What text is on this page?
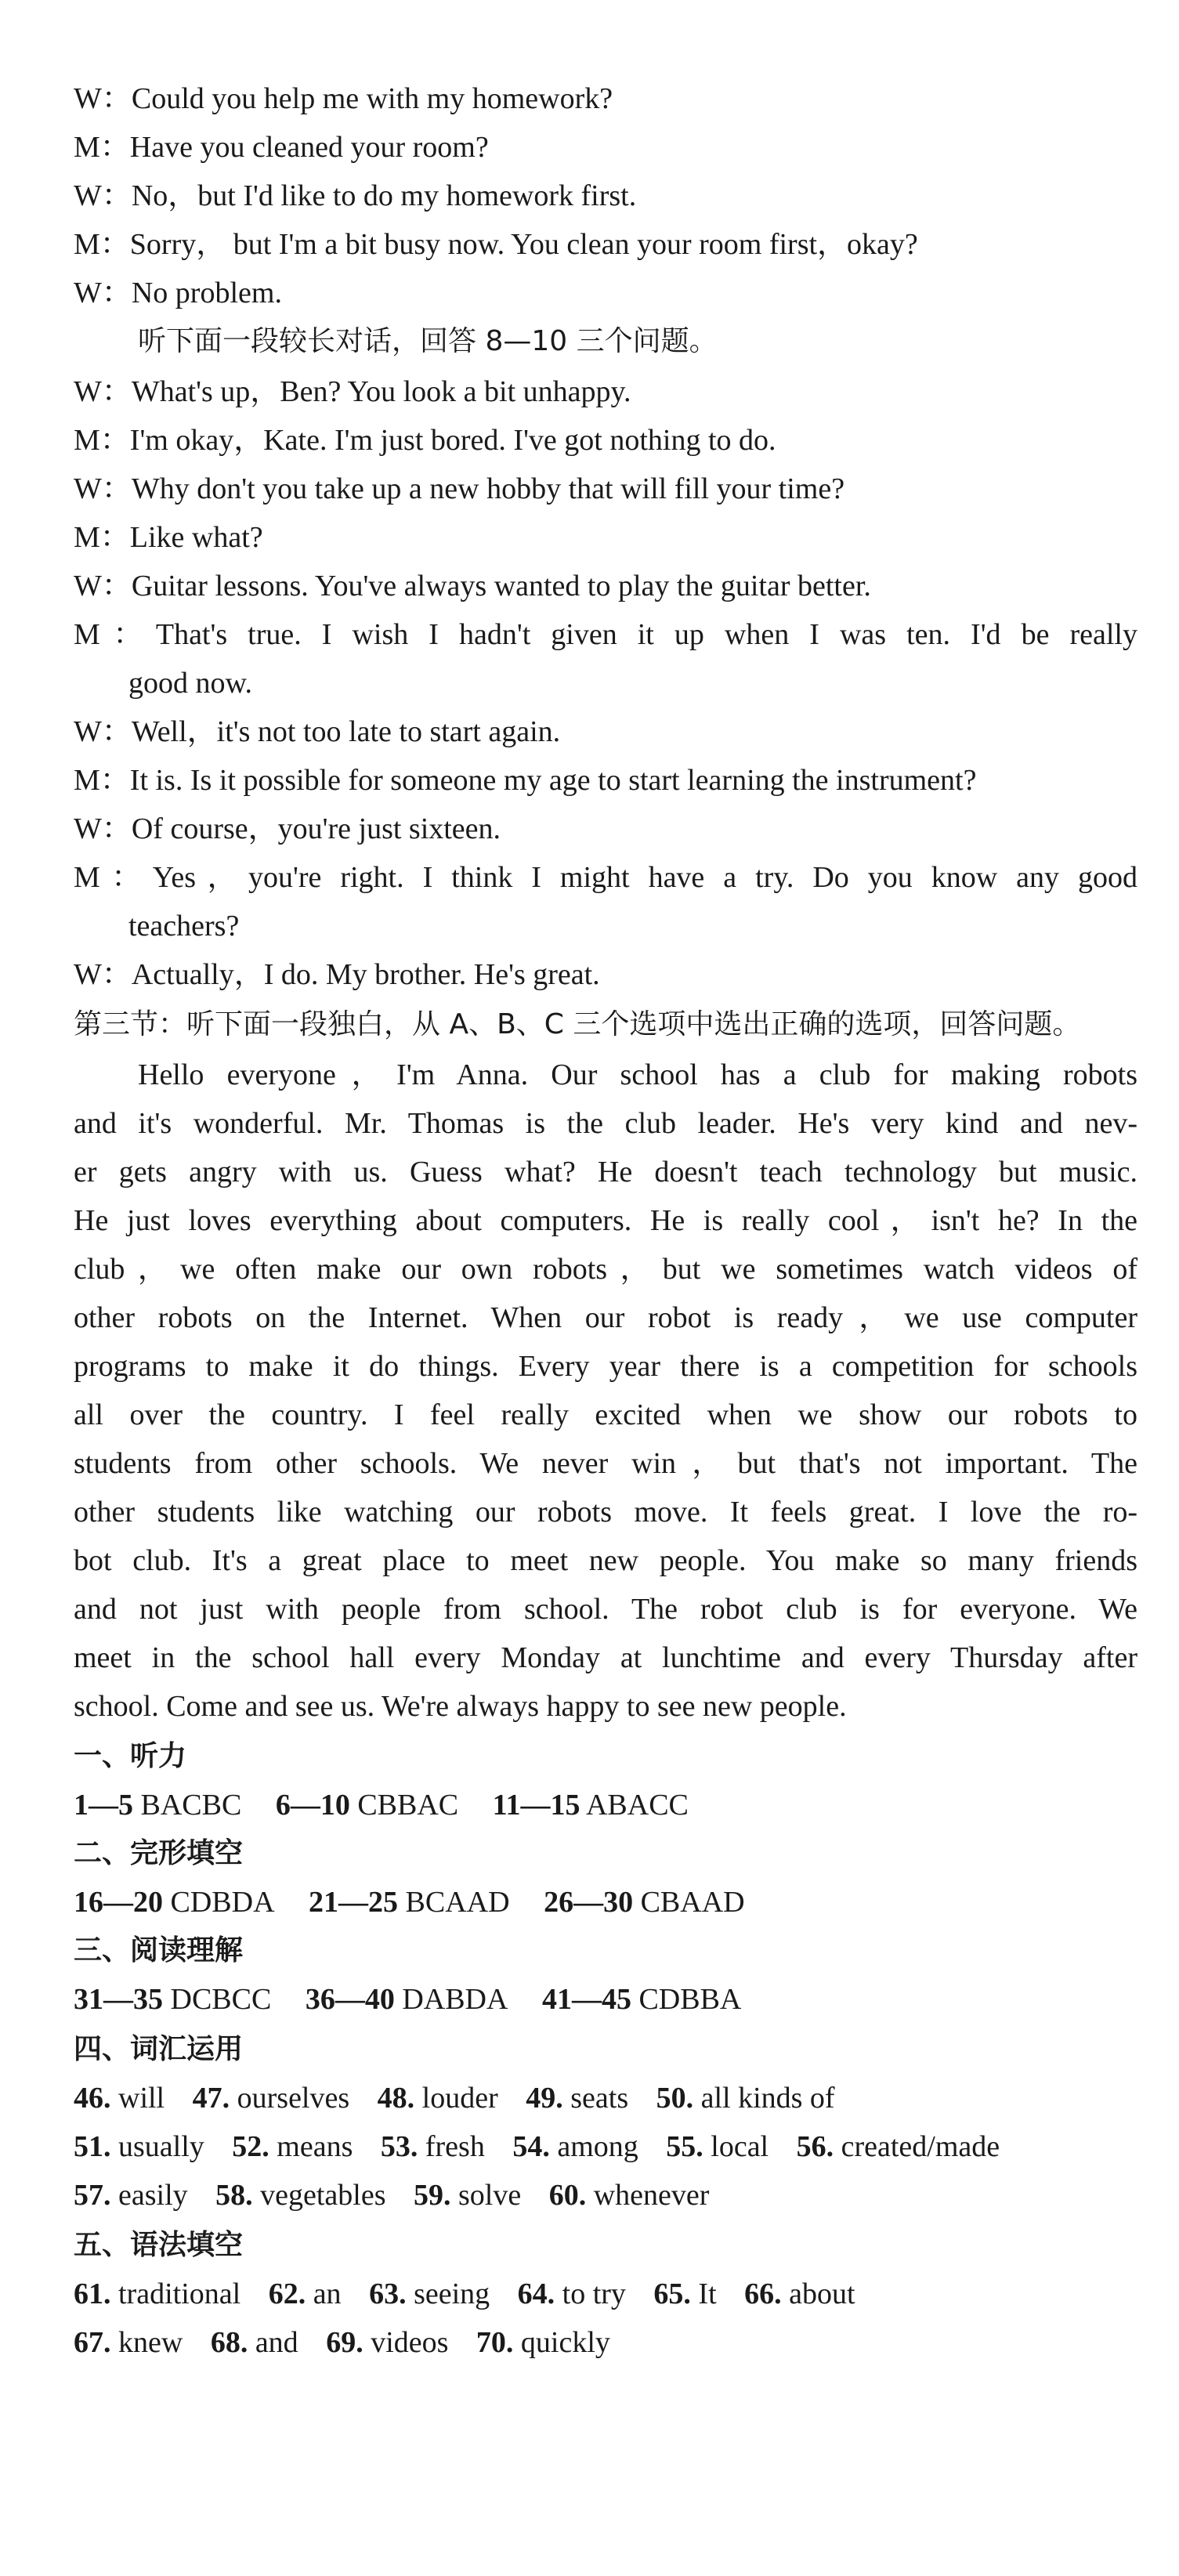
W：Could you help me with my homework?
M：Have you cleaned your room?
W：No，but I'd like to do my homework first.
M：Sorry， but I'm a bit busy now. You clean your room first，okay?
W：No problem.
听下面一段较长对话，回答 8—10 三个问题。
W：What's up，Ben? You look a bit unhappy.
M：I'm okay，Kate. I'm just bored. I've got nothing to do.
W：Why don't you take up a new hobby that will fill your time?
M：Like what?
W：Guitar lessons. You've always wanted to play the guitar better.
M：That's true. I wish I hadn't given it up when I was ten. I'd be really
good now.
W：Well，it's not too late to start again.
M：It is. Is it possible for someone my age to start learning the instrument?
W：Of course，you're just sixteen.
M：Yes，you're right. I think I might have a try. Do you know any good
teachers?
W：Actually，I do. My brother. He's great.
第三节：听下面一段独白，从 A、B、C 三个选项中选出正确的选项，回答问题。
Hello everyone，I'm Anna. Our school has a club for making robots
and it's wonderful. Mr. Thomas is the club leader. He's very kind and nev-
er gets angry with us. Guess what? He doesn't teach technology but music.
He just loves everything about computers. He is really cool，isn't he? In the
club，we often make our own robots，but we sometimes watch videos of
other robots on the Internet. When our robot is ready，we use computer
programs to make it do things. Every year there is a competition for schools
all over the country. I feel really excited when we show our robots to
students from other schools. We never win，but that's not important. The
other students like watching our robots move. It feels great. I love the ro-
bot club. It's a great place to meet new people. You make so many friends
and not just with people from school. The robot club is for everyone. We
meet in the school hall every Monday at lunchtime and every Thursday after
school. Come and see us. We're always happy to see new people.
一、听力
1—5 BACBC 6—10 CBBAC 11—15 ABACC
二、完形填空
16—20 CDBDA 21—25 BCAAD 26—30 CBAAD
三、阅读理解
31—35 DCBCC 36—40 DABDA 41—45 CDBBA
四、词汇运用
46. will 47. ourselves 48. louder 49. seats 50. all kinds of
51. usually 52. means 53. fresh 54. among 55. local 56. created/made
57. easily 58. vegetables 59. solve 60. whenever
五、语法填空
61. traditional 62. an 63. seeing 64. to try 65. It 66. about
67. knew 68. and 69. videos 70. quickly
